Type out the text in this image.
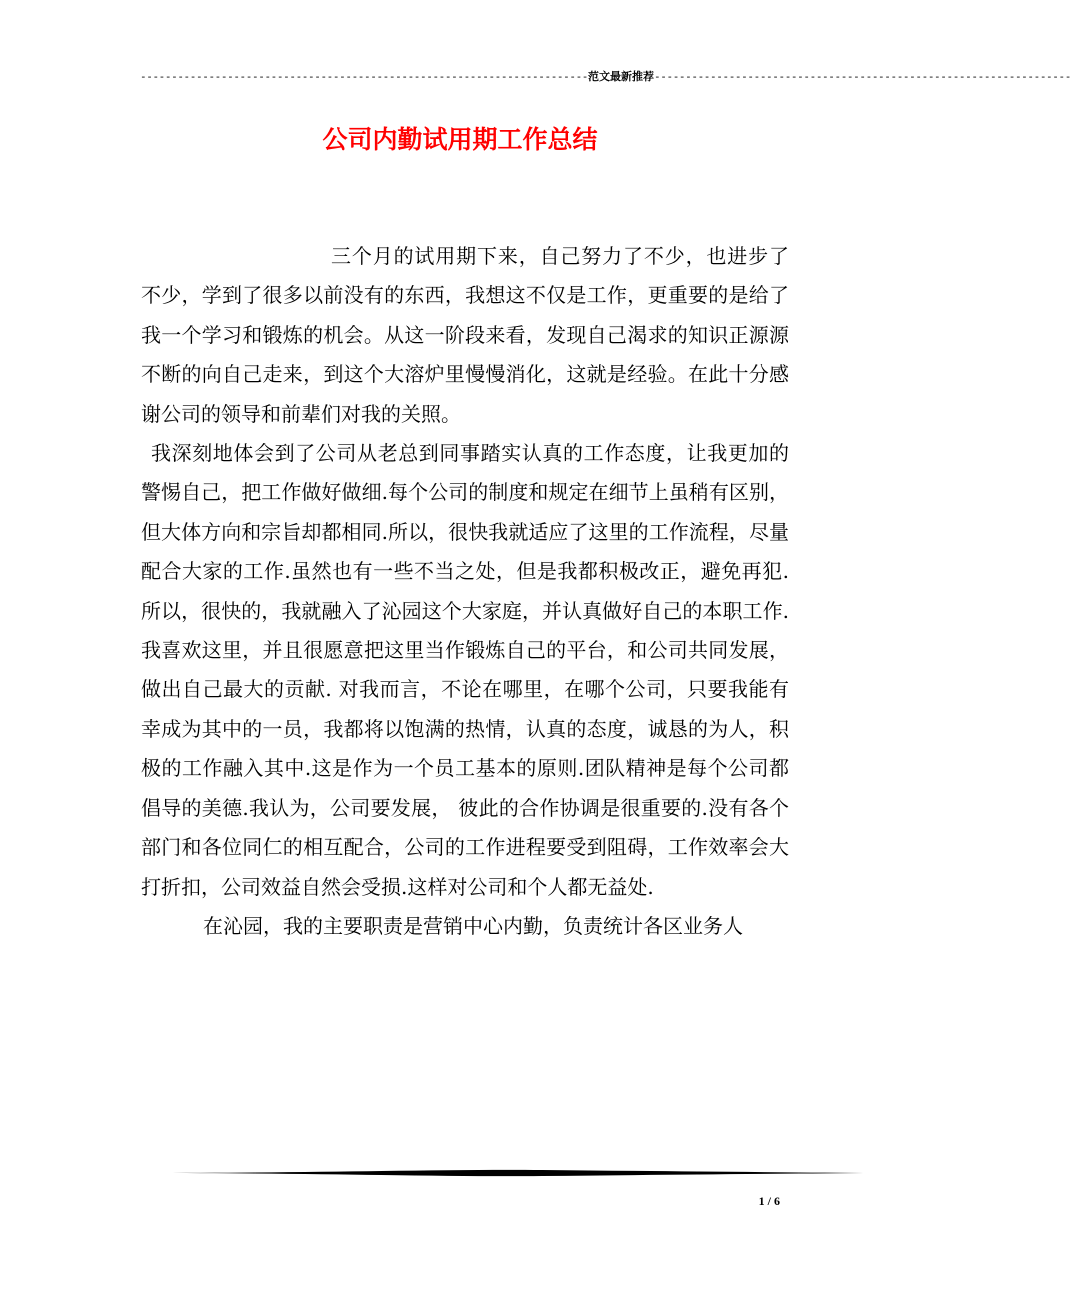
------------------------------------------------------------------------范文最新推荐-------------------------------------------------------------------
公司内勤试用期工作总结

三个月的试用期下来，自己努力了不少，也进步了不少，学到了很多以前没有的东西，我想这不仅是工作，更重要的是给了我一个学习和锻炼的机会。从这一阶段来看，发现自己渴求的知识正源源不断的向自己走来，到这个大溶炉里慢慢消化，这就是经验。在此十分感谢公司的领导和前辈们对我的关照。

我深刻地体会到了公司从老总到同事踏实认真的工作态度，让我更加的警惕自己，把工作做好做细.每个公司的制度和规定在细节上虽稍有区别，但大体方向和宗旨却都相同.所以，很快我就适应了这里的工作流程，尽量配合大家的工作.虽然也有一些不当之处，但是我都积极改正，避免再犯.所以，很快的，我就融入了沁园这个大家庭，并认真做好自己的本职工作.我喜欢这里，并且很愿意把这里当作锻炼自己的平台，和公司共同发展，做出自己最大的贡献. 对我而言，不论在哪里，在哪个公司，只要我能有幸成为其中的一员，我都将以饱满的热情，认真的态度，诚恳的为人，积极的工作融入其中.这是作为一个员工基本的原则.团队精神是每个公司都倡导的美德.我认为，公司要发展， 彼此的合作协调是很重要的.没有各个部门和各位同仁的相互配合，公司的工作进程要受到阻碍，工作效率会大打折扣，公司效益自然会受损.这样对公司和个人都无益处.

在沁园，我的主要职责是营销中心内勤，负责统计各区业务人

1 / 6
